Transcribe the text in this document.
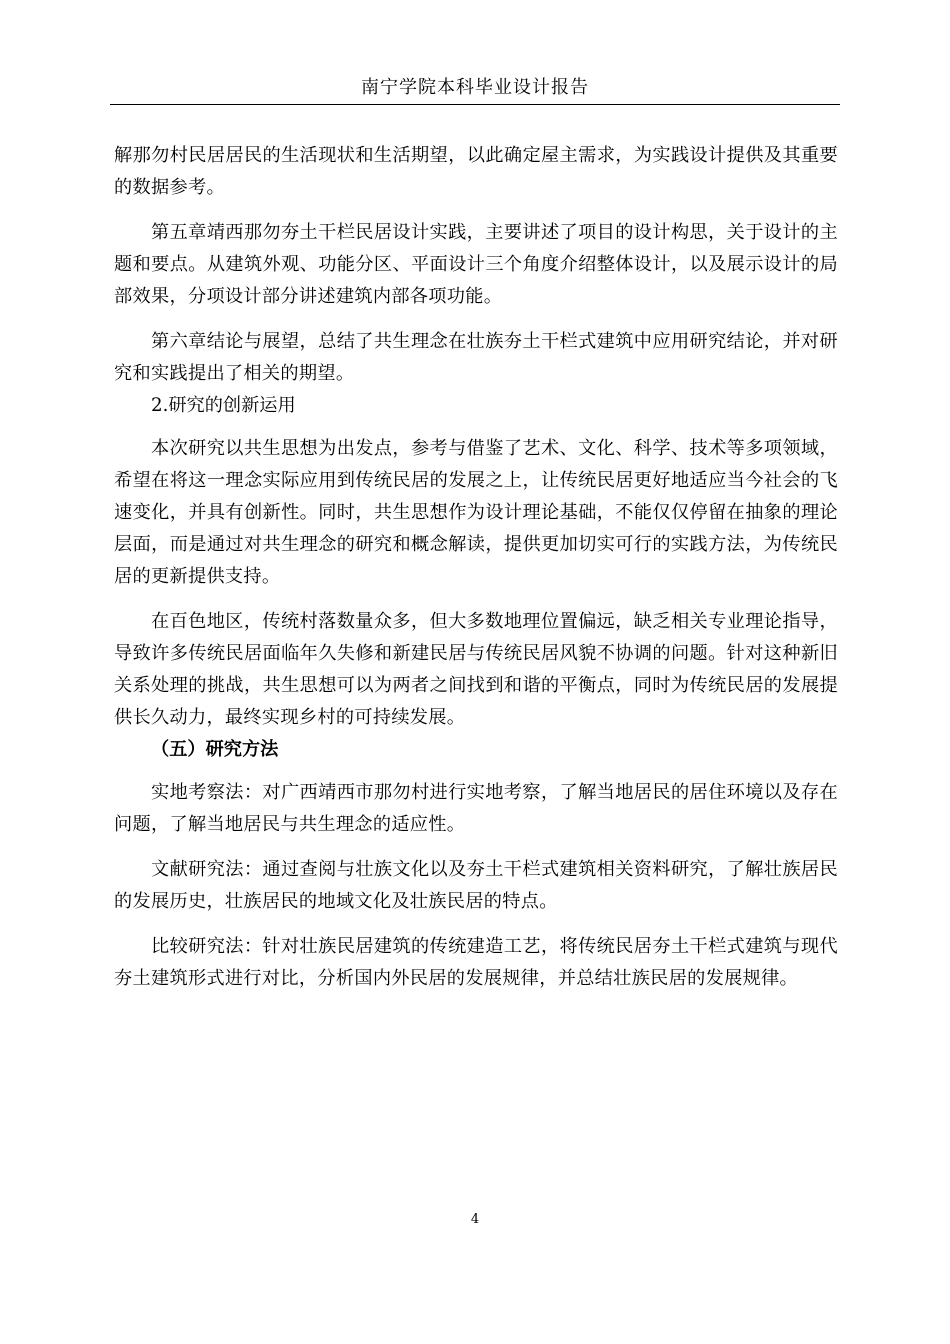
南宁学院本科毕业设计报告

解那勿村民居居民的生活现状和生活期望，以此确定屋主需求，为实践设计提供及其重要的数据参考。

第五章靖西那勿夯土干栏民居设计实践，主要讲述了项目的设计构思，关于设计的主题和要点。从建筑外观、功能分区、平面设计三个角度介绍整体设计，以及展示设计的局部效果，分项设计部分讲述建筑内部各项功能。

第六章结论与展望，总结了共生理念在壮族夯土干栏式建筑中应用研究结论，并对研究和实践提出了相关的期望。

2.研究的创新运用

本次研究以共生思想为出发点，参考与借鉴了艺术、文化、科学、技术等多项领域，希望在将这一理念实际应用到传统民居的发展之上，让传统民居更好地适应当今社会的飞速变化，并具有创新性。同时，共生思想作为设计理论基础，不能仅仅停留在抽象的理论层面，而是通过对共生理念的研究和概念解读，提供更加切实可行的实践方法，为传统民居的更新提供支持。

在百色地区，传统村落数量众多，但大多数地理位置偏远，缺乏相关专业理论指导，导致许多传统民居面临年久失修和新建民居与传统民居风貌不协调的问题。针对这种新旧关系处理的挑战，共生思想可以为两者之间找到和谐的平衡点，同时为传统民居的发展提供长久动力，最终实现乡村的可持续发展。

（五）研究方法

实地考察法：对广西靖西市那勿村进行实地考察，了解当地居民的居住环境以及存在问题，了解当地居民与共生理念的适应性。

文献研究法：通过查阅与壮族文化以及夯土干栏式建筑相关资料研究，了解壮族居民的发展历史，壮族居民的地域文化及壮族民居的特点。

比较研究法：针对壮族民居建筑的传统建造工艺，将传统民居夯土干栏式建筑与现代夯土建筑形式进行对比，分析国内外民居的发展规律，并总结壮族民居的发展规律。

4
